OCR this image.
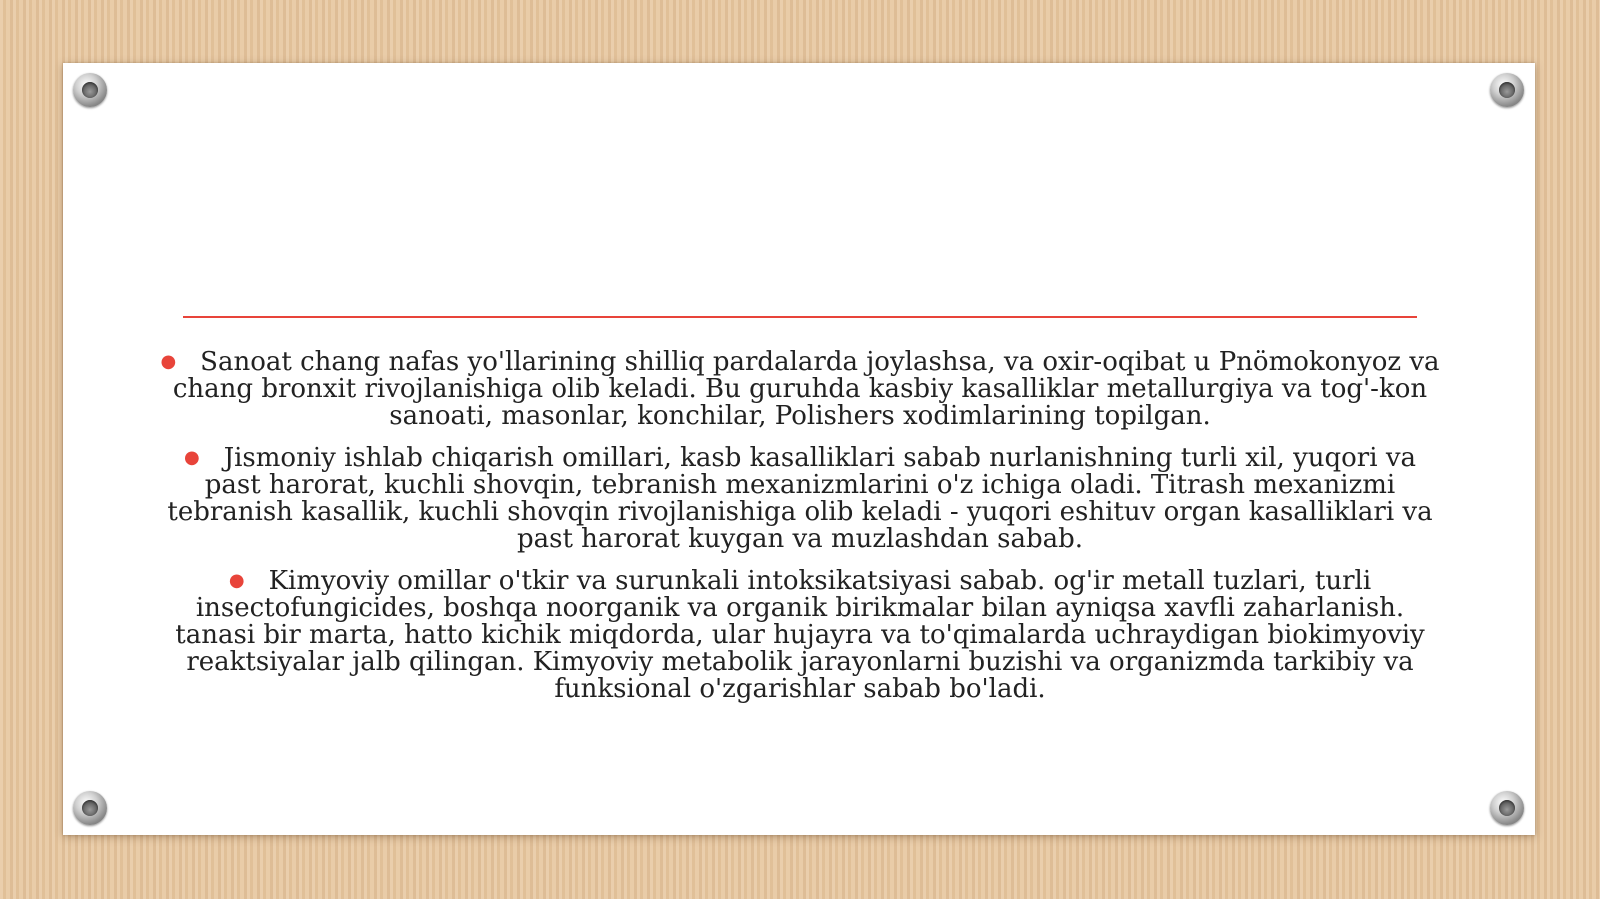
● Sanoat chang nafas yo'llarining shilliq pardalarda joylashsa, va oxir-oqibat u Pnömokonyoz va chang bronxit rivojlanishiga olib keladi. Bu guruhda kasbiy kasalliklar metallurgiya va tog'-kon sanoati, masonlar, konchilar, Polishers xodimlarining topilgan.
● Jismoniy ishlab chiqarish omillari, kasb kasalliklari sabab nurlanishning turli xil, yuqori va past harorat, kuchli shovqin, tebranish mexanizmlarini o'z ichiga oladi. Titrash mexanizmi tebranish kasallik, kuchli shovqin rivojlanishiga olib keladi - yuqori eshituv organ kasalliklari va past harorat kuygan va muzlashdan sabab.
● Kimyoviy omillar o'tkir va surunkali intoksikatsiyasi sabab. og'ir metall tuzlari, turli insectofungicides, boshqa noorganik va organik birikmalar bilan ayniqsa xavfli zaharlanish. tanasi bir marta, hatto kichik miqdorda, ular hujayra va to'qimalarda uchraydigan biokimyoviy reaktsiyalar jalb qilingan. Kimyoviy metabolik jarayonlarni buzishi va organizmda tarkibiy va funksional o'zgarishlar sabab bo'ladi.
